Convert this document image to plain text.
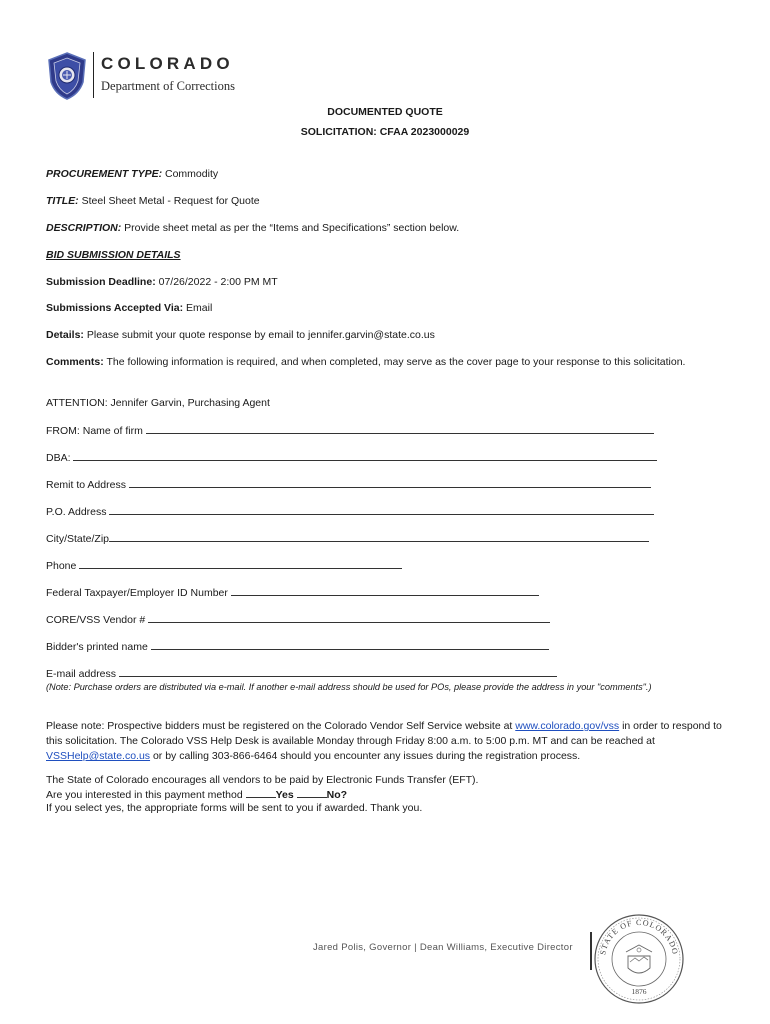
COLORADO
Department of Corrections
DOCUMENTED QUOTE
SOLICITATION: CFAA 2023000029
PROCUREMENT TYPE: Commodity
TITLE: Steel Sheet Metal - Request for Quote
DESCRIPTION: Provide sheet metal as per the “Items and Specifications” section below.
BID SUBMISSION DETAILS
Submission Deadline: 07/26/2022 - 2:00 PM MT
Submissions Accepted Via: Email
Details: Please submit your quote response by email to jennifer.garvin@state.co.us
Comments: The following information is required, and when completed, may serve as the cover page to your response to this solicitation.
ATTENTION: Jennifer Garvin, Purchasing Agent
FROM: Name of firm
DBA:
Remit to Address
P.O. Address
City/State/Zip
Phone
Federal Taxpayer/Employer ID Number
CORE/VSS Vendor #
Bidder's printed name
E-mail address
(Note: Purchase orders are distributed via e-mail. If another e-mail address should be used for POs, please provide the address in your "comments".)
Please note: Prospective bidders must be registered on the Colorado Vendor Self Service website at www.colorado.gov/vss in order to respond to this solicitation. The Colorado VSS Help Desk is available Monday through Friday 8:00 a.m. to 5:00 p.m. MT and can be reached at VSSHelp@state.co.us or by calling 303-866-6464 should you encounter any issues during the registration process.
The State of Colorado encourages all vendors to be paid by Electronic Funds Transfer (EFT).
Are you interested in this payment method	Yes	No?
If you select yes, the appropriate forms will be sent to you if awarded. Thank you.
Jared Polis, Governor | Dean Williams, Executive Director	STATE OF COLORADO
1876
